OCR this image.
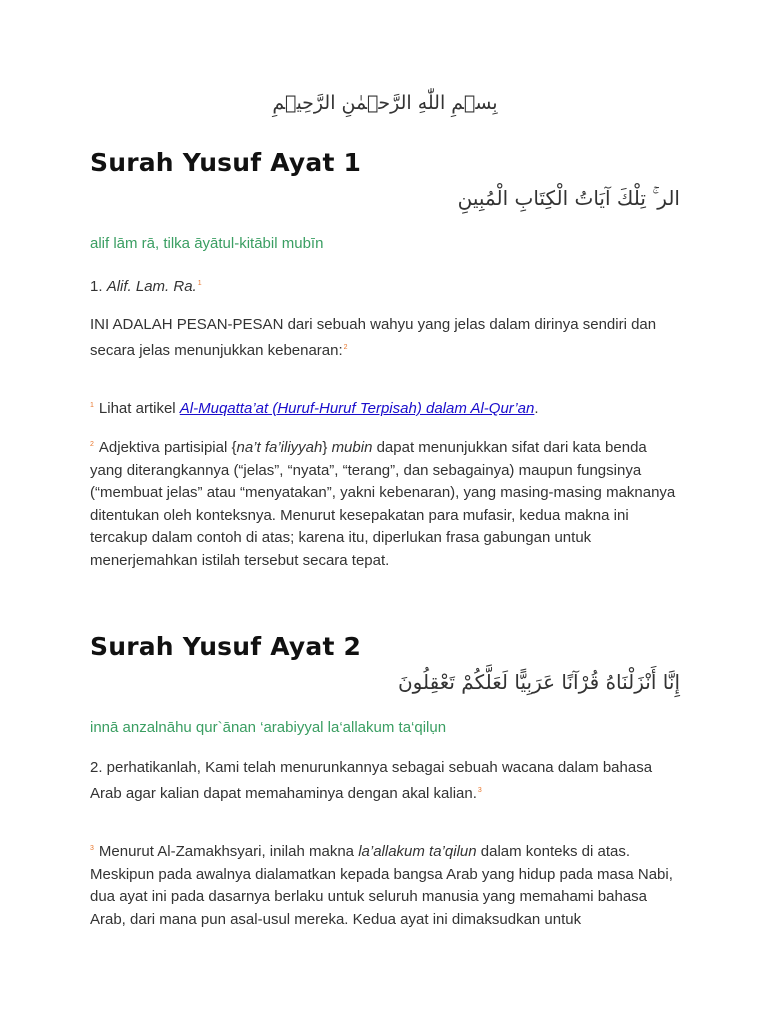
بِسۡمِ اللّٰهِ الرَّحۡمٰنِ الرَّحِيۡمِ
Surah Yusuf Ayat 1
الر ۚ تِلْكَ آيَاتُ الْكِتَابِ الْمُبِينِ
alif lām rā, tilka āyātul-kitābil mubīn
1. Alif. Lam. Ra.$^1$
INI ADALAH PESAN-PESAN dari sebuah wahyu yang jelas dalam dirinya sendiri dan secara jelas menunjukkan kebenaran:$^2$
$^1$ Lihat artikel Al-Muqatta’at (Huruf-Huruf Terpisah) dalam Al-Qur’an.
$^2$ Adjektiva partisipial {na’t fa’iliyyah} mubin dapat menunjukkan sifat dari kata benda yang diterangkannya (“jelas”, “nyata”, “terang”, dan sebagainya) maupun fungsinya (“membuat jelas” atau “menyatakan”, yakni kebenaran), yang masing-masing maknanya ditentukan oleh konteksnya. Menurut kesepakatan para mufasir, kedua makna ini tercakup dalam contoh di atas; karena itu, diperlukan frasa gabungan untuk menerjemahkan istilah tersebut secara tepat.
Surah Yusuf Ayat 2
إِنَّا أَنْزَلْنَاهُ قُرْآنًا عَرَبِيًّا لَعَلَّكُمْ تَعْقِلُونَ
innā anzalnāhu qur`ānan ‘arabiyyal la‘allakum ta‘qilụn
2. perhatikanlah, Kami telah menurunkannya sebagai sebuah wacana dalam bahasa Arab agar kalian dapat memahaminya dengan akal kalian.$^3$
$^3$ Menurut Al-Zamakhsyari, inilah makna la’allakum ta’qilun dalam konteks di atas. Meskipun pada awalnya dialamatkan kepada bangsa Arab yang hidup pada masa Nabi, dua ayat ini pada dasarnya berlaku untuk seluruh manusia yang memahami bahasa Arab, dari mana pun asal-usul mereka. Kedua ayat ini dimaksudkan untuk
